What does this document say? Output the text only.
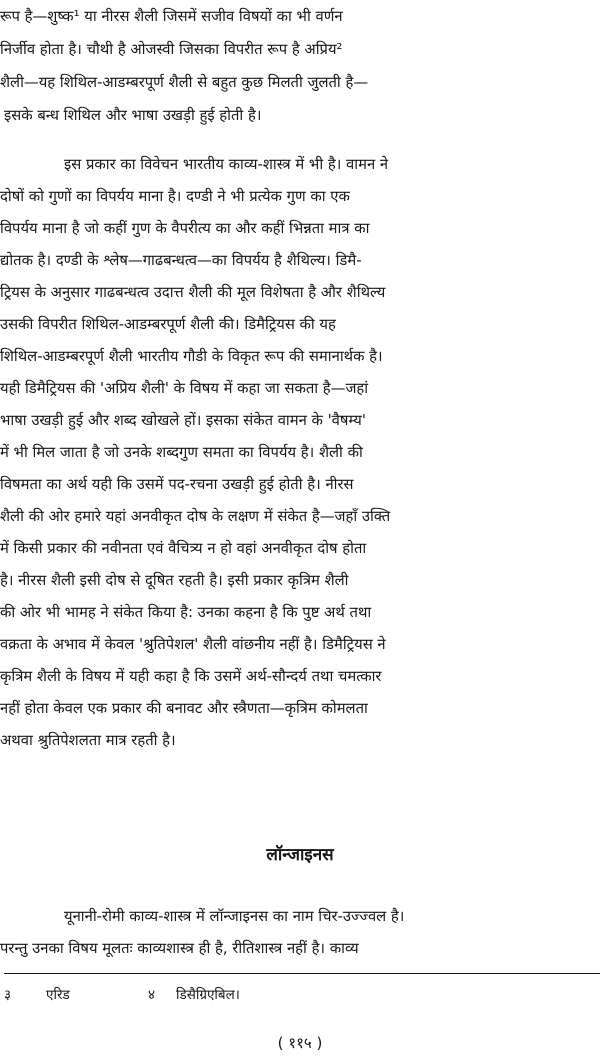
रूप है—शुष्क¹ या नीरस शैली जिसमें सजीव विषयों का भी वर्णन
निर्जीव होता है। चौथी है ओजस्वी जिसका विपरीत रूप है अप्रिय²
शैली—यह शिथिल-आडम्बरपूर्ण शैली से बहुत कुछ मिलती जुलती है—
इसके बन्ध शिथिल और भाषा उखड़ी हुई होती है।
इस प्रकार का विवेचन भारतीय काव्य-शास्त्र में भी है। वामन ने
दोषों को गुणों का विपर्यय माना है। दण्डी ने भी प्रत्येक गुण का एक
विपर्यय माना है जो कहीं गुण के वैपरीत्य का और कहीं भिन्नता मात्र का
द्योतक है। दण्डी के श्लेष—गाढबन्धत्व—का विपर्यय है शैथिल्य। डिमै-
ट्रियस के अनुसार गाढबन्धत्व उदात्त शैली की मूल विशेषता है और शैथिल्य
उसकी विपरीत शिथिल-आडम्बरपूर्ण शैली की। डिमैट्रियस की यह
शिथिल-आडम्बरपूर्ण शैली भारतीय गौडी के विकृत रूप की समानार्थक है।
यही डिमैट्रियस की 'अप्रिय शैली' के विषय में कहा जा सकता है—जहां
भाषा उखड़ी हुई और शब्द खोखले हों। इसका संकेत वामन के 'वैषम्य'
में भी मिल जाता है जो उनके शब्दगुण समता का विपर्यय है। शैली की
विषमता का अर्थ यही कि उसमें पद-रचना उखड़ी हुई होती है। नीरस
शैली की ओर हमारे यहां अनवीकृत दोष के लक्षण में संकेत है—जहाँ उक्ति
में किसी प्रकार की नवीनता एवं वैचित्र्य न हो वहां अनवीकृत दोष होता
है। नीरस शैली इसी दोष से दूषित रहती है। इसी प्रकार कृत्रिम शैली
की ओर भी भामह ने संकेत किया है: उनका कहना है कि पुष्ट अर्थ तथा
वक्रता के अभाव में केवल 'श्रुतिपेशल' शैली वांछनीय नहीं है। डिमैट्रियस ने
कृत्रिम शैली के विषय में यही कहा है कि उसमें अर्थ-सौन्दर्य तथा चमत्कार
नहीं होता केवल एक प्रकार की बनावट और स्त्रैणता—कृत्रिम कोमलता
अथवा श्रुतिपेशलता मात्र रहती है।
लॉन्जाइनस
यूनानी-रोमी काव्य-शास्त्र में लॉन्जाइनस का नाम चिर-उज्ज्वल है।
परन्तु उनका विषय मूलतः काव्यशास्त्र ही है, रीतिशास्त्र नहीं है। काव्य
३	एरिड	४ डिसैग्रिएबिल।
( ११५ )
